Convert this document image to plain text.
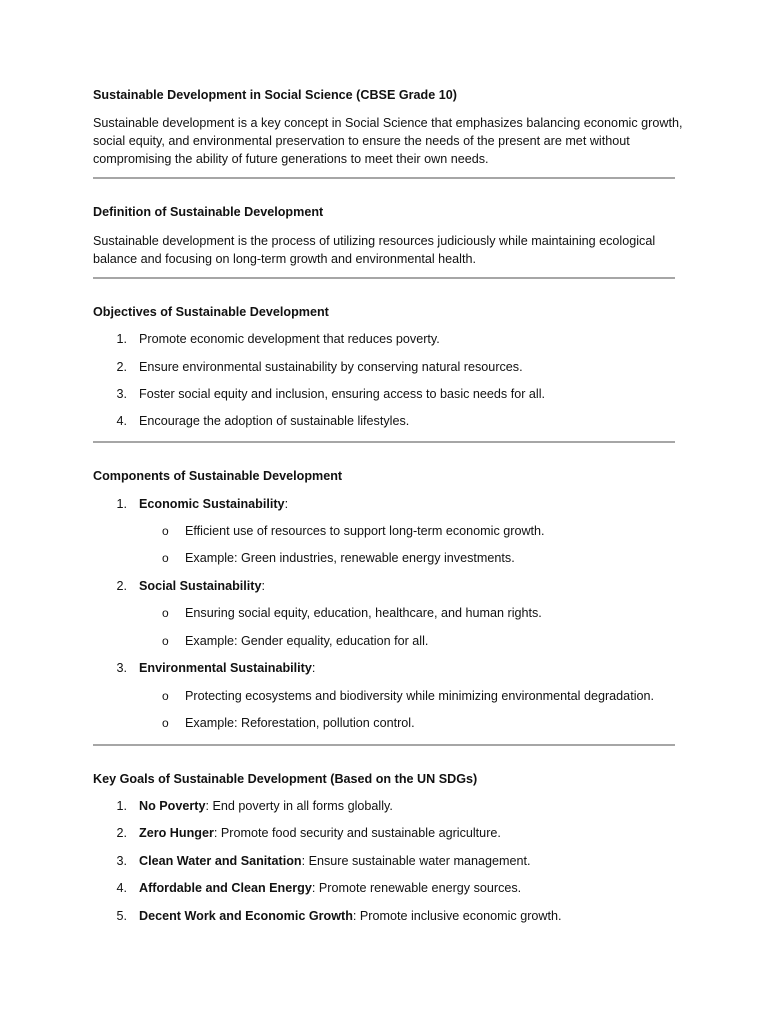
Sustainable Development in Social Science (CBSE Grade 10)
Sustainable development is a key concept in Social Science that emphasizes balancing economic growth, social equity, and environmental preservation to ensure the needs of the present are met without compromising the ability of future generations to meet their own needs.
Definition of Sustainable Development
Sustainable development is the process of utilizing resources judiciously while maintaining ecological balance and focusing on long-term growth and environmental health.
Objectives of Sustainable Development
1. Promote economic development that reduces poverty.
2. Ensure environmental sustainability by conserving natural resources.
3. Foster social equity and inclusion, ensuring access to basic needs for all.
4. Encourage the adoption of sustainable lifestyles.
Components of Sustainable Development
1. Economic Sustainability:
o Efficient use of resources to support long-term economic growth.
o Example: Green industries, renewable energy investments.
2. Social Sustainability:
o Ensuring social equity, education, healthcare, and human rights.
o Example: Gender equality, education for all.
3. Environmental Sustainability:
o Protecting ecosystems and biodiversity while minimizing environmental degradation.
o Example: Reforestation, pollution control.
Key Goals of Sustainable Development (Based on the UN SDGs)
1. No Poverty: End poverty in all forms globally.
2. Zero Hunger: Promote food security and sustainable agriculture.
3. Clean Water and Sanitation: Ensure sustainable water management.
4. Affordable and Clean Energy: Promote renewable energy sources.
5. Decent Work and Economic Growth: Promote inclusive economic growth.
